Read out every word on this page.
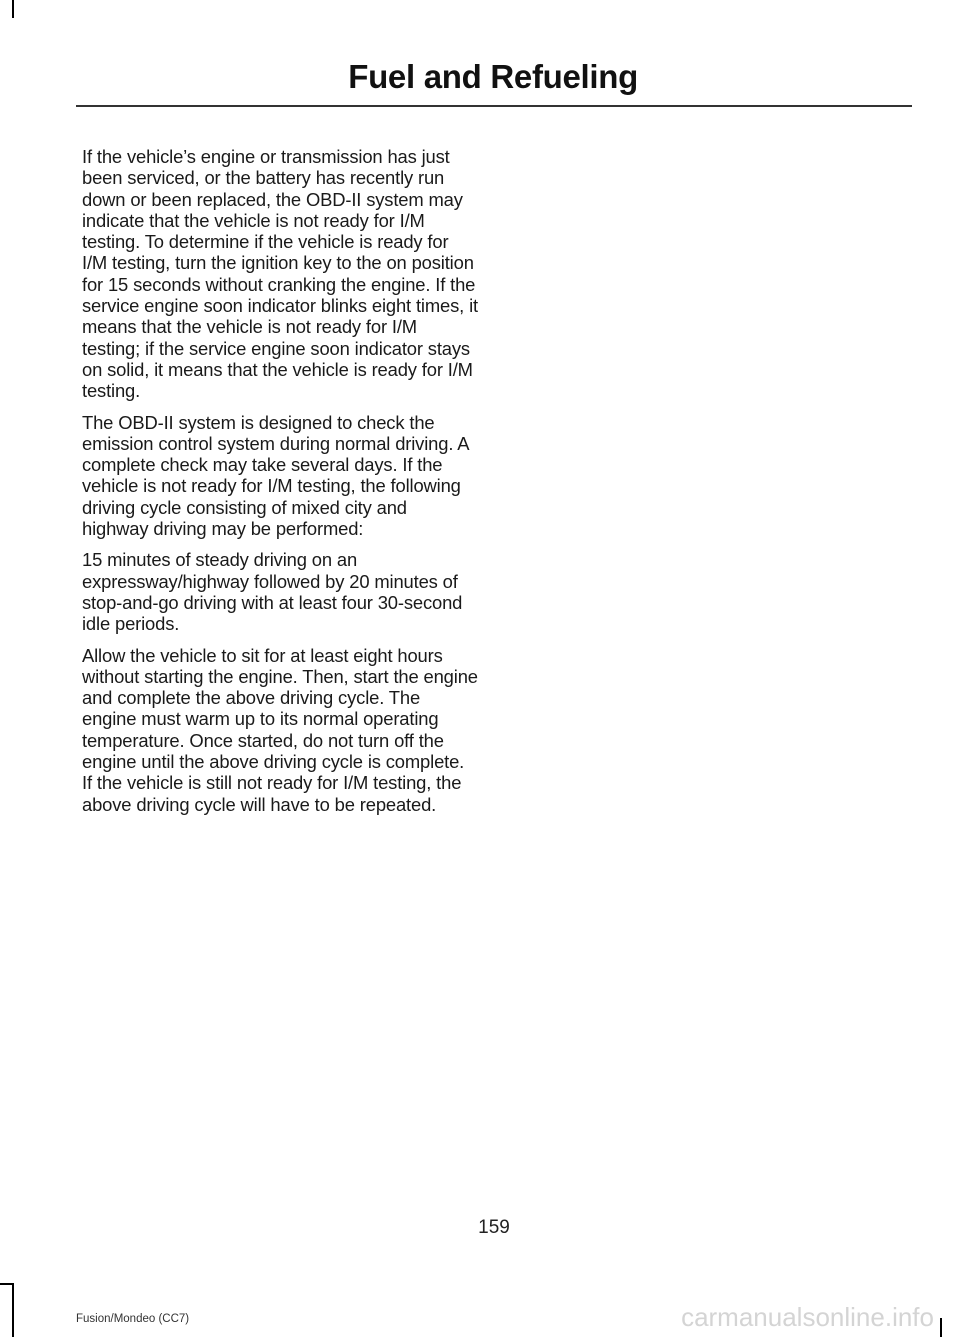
Fuel and Refueling

If the vehicle’s engine or transmission has just been serviced, or the battery has recently run down or been replaced, the OBD-II system may indicate that the vehicle is not ready for I/M testing. To determine if the vehicle is ready for I/M testing, turn the ignition key to the on position for 15 seconds without cranking the engine. If the service engine soon indicator blinks eight times, it means that the vehicle is not ready for I/M testing; if the service engine soon indicator stays on solid, it means that the vehicle is ready for I/M testing.

The OBD-II system is designed to check the emission control system during normal driving. A complete check may take several days. If the vehicle is not ready for I/M testing, the following driving cycle consisting of mixed city and highway driving may be performed:

15 minutes of steady driving on an expressway/highway followed by 20 minutes of stop-and-go driving with at least four 30-second idle periods.

Allow the vehicle to sit for at least eight hours without starting the engine. Then, start the engine and complete the above driving cycle. The engine must warm up to its normal operating temperature. Once started, do not turn off the engine until the above driving cycle is complete. If the vehicle is still not ready for I/M testing, the above driving cycle will have to be repeated.

159
Fusion/Mondeo (CC7)	carmanualsonline.info
